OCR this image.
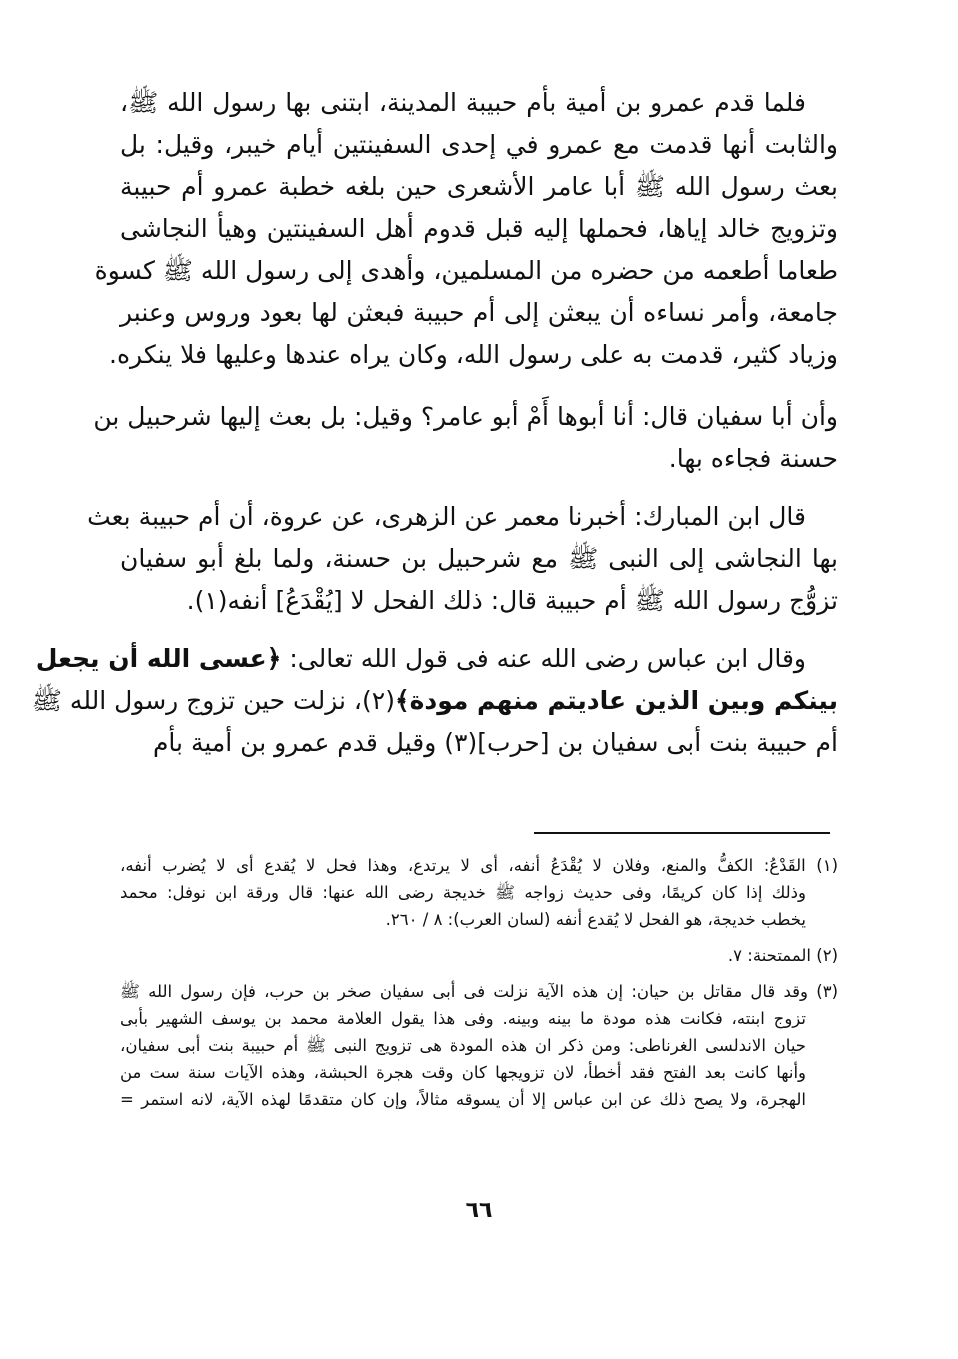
فلما قدم عمرو بن أمية بأم حبيبة المدينة، ابتنى بها رسول الله ﷺ،
والثابت أنها قدمت مع عمرو في إحدى السفينتين أيام خيبر، وقيل: بل
بعث رسول الله ﷺ أبا عامر الأشعرى حين بلغه خطبة عمرو أم حبيبة
وتزويج خالد إياها، فحملها إليه قبل قدوم أهل السفينتين وهيأ النجاشى
طعاما أطعمه من حضره من المسلمين، وأهدى إلى رسول الله ﷺ كسوة
جامعة، وأمر نساءه أن يبعثن إلى أم حبيبة فبعثن لها بعود وروس وعنبر
وزياد كثير، قدمت به على رسول الله، وكان يراه عندها وعليها فلا ينكره.
وأن أبا سفيان قال: أنا أبوها أَمْ أبو عامر؟ وقيل: بل بعث إليها شرحبيل بن
حسنة فجاءه بها.
قال ابن المبارك: أخبرنا معمر عن الزهرى، عن عروة، أن أم حبيبة بعث
بها النجاشى إلى النبى ﷺ مع شرحبيل بن حسنة، ولما بلغ أبو سفيان
تزوُّج رسول الله ﷺ أم حبيبة قال: ذلك الفحل لا [يُقْدَعُ] أنفه(١).
وقال ابن عباس رضى الله عنه فى قول الله تعالى: ﴿عسى الله أن يجعل
بينكم وبين الذين عاديتم منهم مودة﴾(٢)، نزلت حين تزوج رسول الله ﷺ
أم حبيبة بنت أبى سفيان بن [حرب](٣) وقيل قدم عمرو بن أمية بأم
(١) القَدْعُ: الكفُّ والمنع، وفلان لا يُقْدَعُ أنفه، أى لا يرتدع، وهذا فحل لا يُقدع أى لا يُضرب أنفه،
وذلك إذا كان كريمًا، وفى حديث زواجه ﷺ خديجة رضى الله عنها: قال ورقة ابن نوفل: محمد
يخطب خديجة، هو الفحل لا يُقدع أنفه (لسان العرب): ٨ / ٢٦٠.
(٢) الممتحنة: ٧.
(٣) وقد قال مقاتل بن حيان: إن هذه الآية نزلت فى أبى سفيان صخر بن حرب، فإن رسول الله ﷺ
تزوج ابنته، فكانت هذه مودة ما بينه وبينه. وفى هذا يقول العلامة محمد بن يوسف الشهير بأبى
حيان الاندلسى الغرناطى: ومن ذكر ان هذه المودة هى تزويج النبى ﷺ أم حبيبة بنت أبى سفيان،
وأنها كانت بعد الفتح فقد أخطأ، لان تزويجها كان وقت هجرة الحبشة، وهذه الآيات سنة ست من
الهجرة، ولا يصح ذلك عن ابن عباس إلا أن يسوقه مثالاً، وإن كان متقدمًا لهذه الآية، لانه استمر =
٦٦
